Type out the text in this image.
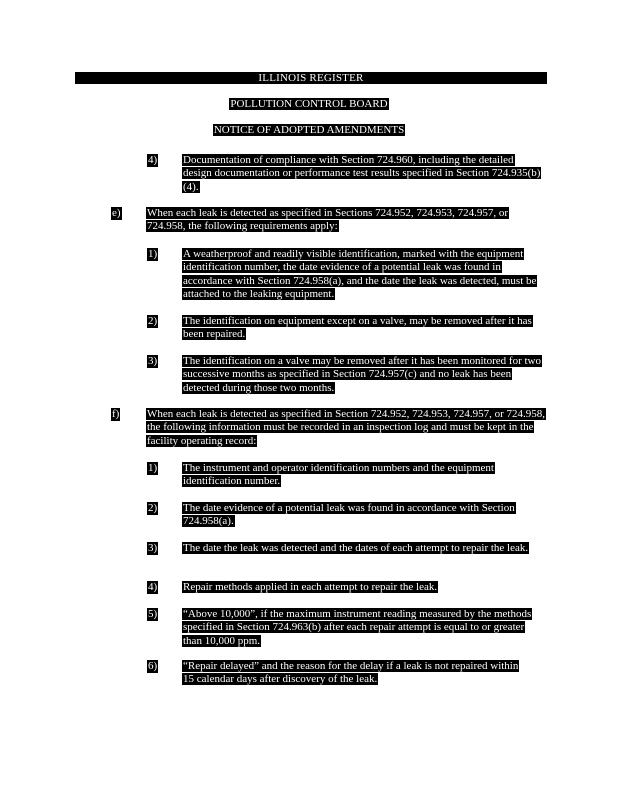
ILLINOIS REGISTER
POLLUTION CONTROL BOARD
NOTICE OF ADOPTED AMENDMENTS
4) Documentation of compliance with Section 724.960, including the detailed design documentation or performance test results specified in Section 724.935(b)(4).
e) When each leak is detected as specified in Sections 724.952, 724.953, 724.957, or 724.958, the following requirements apply:
1) A weatherproof and readily visible identification, marked with the equipment identification number, the date evidence of a potential leak was found in accordance with Section 724.958(a), and the date the leak was detected, must be attached to the leaking equipment.
2) The identification on equipment except on a valve, may be removed after it has been repaired.
3) The identification on a valve may be removed after it has been monitored for two successive months as specified in Section 724.957(c) and no leak has been detected during those two months.
f)	When each leak is detected as specified in Section 724.952, 724.953, 724.957, or 724.958, the following information must be recorded in an inspection log and must be kept in the facility operating record:
1) The instrument and operator identification numbers and the equipment identification number.
2) The date evidence of a potential leak was found in accordance with Section 724.958(a).
3) The date the leak was detected and the dates of each attempt to repair the leak.
4) Repair methods applied in each attempt to repair the leak.
5) “Above 10,000”, if the maximum instrument reading measured by the methods specified in Section 724.963(b) after each repair attempt is equal to or greater than 10,000 ppm.
6) “Repair delayed” and the reason for the delay if a leak is not repaired within 15 calendar days after discovery of the leak.
